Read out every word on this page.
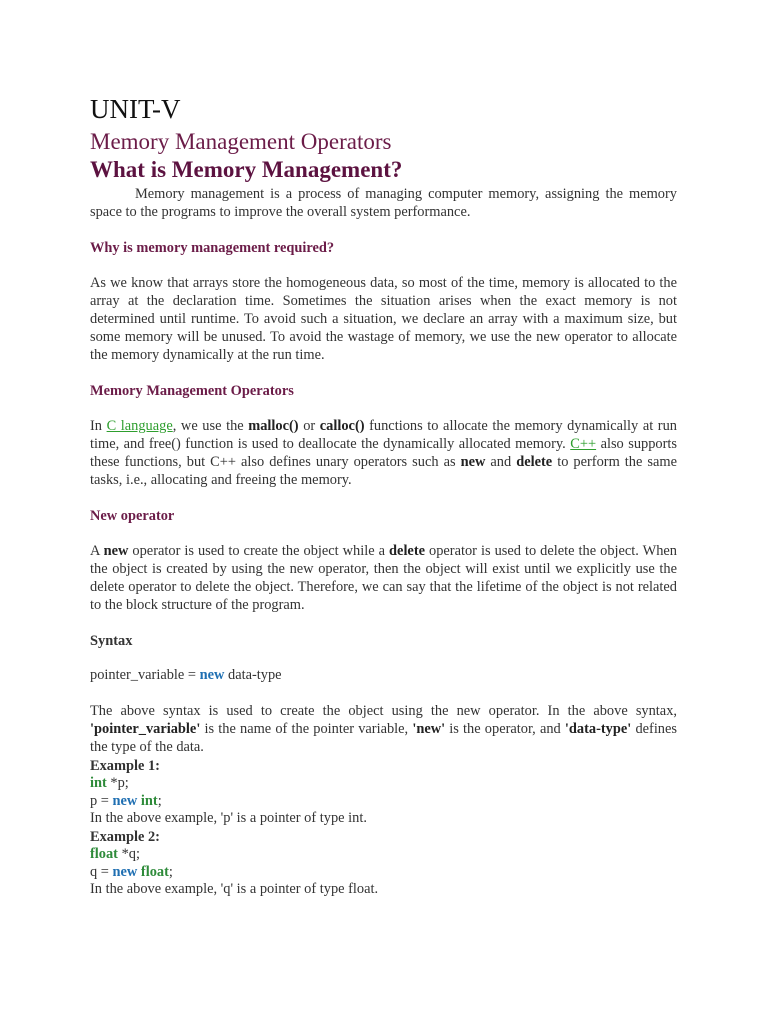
UNIT-V
Memory Management Operators
What is Memory Management?

Memory management is a process of managing computer memory, assigning the memory space to the programs to improve the overall system performance.

Why is memory management required?

As we know that arrays store the homogeneous data, so most of the time, memory is allocated to the array at the declaration time. Sometimes the situation arises when the exact memory is not determined until runtime. To avoid such a situation, we declare an array with a maximum size, but some memory will be unused. To avoid the wastage of memory, we use the new operator to allocate the memory dynamically at the run time.

Memory Management Operators

In C language, we use the malloc() or calloc() functions to allocate the memory dynamically at run time, and free() function is used to deallocate the dynamically allocated memory. C++ also supports these functions, but C++ also defines unary operators such as new and delete to perform the same tasks, i.e., allocating and freeing the memory.

New operator

A new operator is used to create the object while a delete operator is used to delete the object. When the object is created by using the new operator, then the object will exist until we explicitly use the delete operator to delete the object. Therefore, we can say that the lifetime of the object is not related to the block structure of the program.

Syntax

pointer_variable = new data-type

The above syntax is used to create the object using the new operator. In the above syntax, 'pointer_variable' is the name of the pointer variable, 'new' is the operator, and 'data-type' defines the type of the data.

Example 1:

int *p;

p = new int;

In the above example, 'p' is a pointer of type int.

Example 2:

float *q;

q = new float;

In the above example, 'q' is a pointer of type float.
